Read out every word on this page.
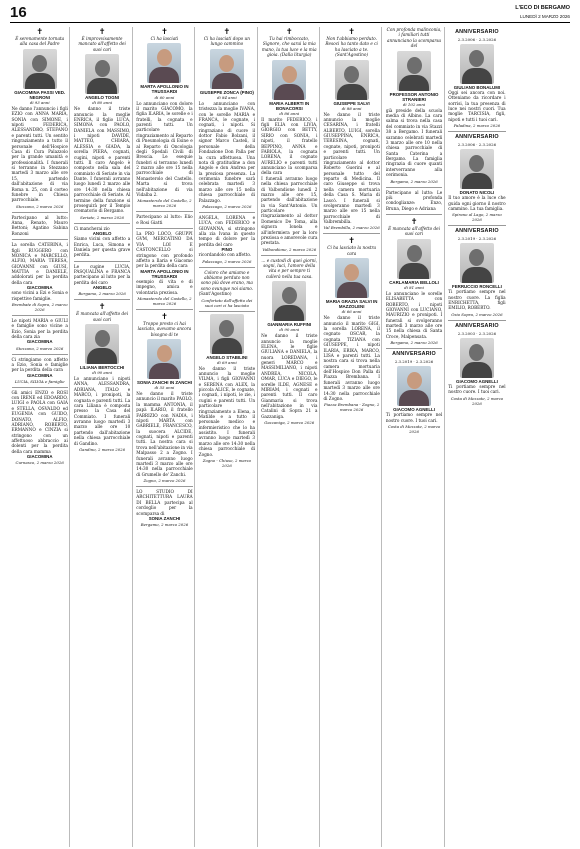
16	L'ECO DI BERGAMO
LUNEDÌ 2 MARZO 2026
✝
È serenamente tornata alla casa del Padre
GIACOMINA PASSI VED. NEGRONI
di 93 anni
Ne danno l'annuncio i figli EZIO con ANNA MARIA, SONIA con SIMONE, i nipoti FEDERICA, ALESSANDRO, STEFANO e parenti tutti. Un sentito ringraziamento a tutto il personale dell'Hospice Casa di Cura Palazzolo per la grande umanità e professionalità. I funerali si terranno in Stezzano martedì 3 marzo alle ore 15, partendo dall'abitazione di via Roma n. 25, con il corteo funebre in Chiesa parrocchiale.
Stezzano, 2 marzo 2026
Partecipano al lutto: Anna, Renato, Mauro Bettoni; Agatino Sabina Ronzoni
La sorella CATERINA, i figli RUGGERO con MONICA e MARCELLO, ALFIO, MARIA TERESA, GIOVANNI con GIUSI, MATTIA e DANIELE, addolorati per la perdita della cara
GIACOMINA
sono vicini a Ezi e Sonia e rispettive famiglie.
Brembate di Sopra, 2 marzo 2026
Le nipoti MARIA e GIULI e famiglie sono vicine a Ezio, Sonia per la perdita della cara zia
GIACOMINA
Stezzano, 2 marzo 2026
Ci stringiamo con affetto a Ezio, Sonia e famiglie per la perdita della cara
GIACOMINA
LUCIA, SILVIA e famiglie
Gli amici ENZO e ROSI con IRENE ed EDOARDO, LUIGI e PAOLA con GAIA e STELLA, OSVALDO ed EUGENIA con GUIDO, DONATO, ALFIO, ADRIANO, ROBERTO, ERMANNO e CINZIA si stringono con un affettuoso abbraccio ai dolenti per la perdita della cara mamma
GIACOMINA
Curnasco, 2 marzo 2026
✝
È improvvisamente mancato all'affetto dei suoi cari
ANGELO TOGNI
di 80 anni
Ne danno il triste annuncio la moglie ENRICA, il figlio LUCA, SIMONA con PAOLO, DANIELA con MASSIMO, i nipoti DAVIDE, MATTEO, CHIARA, ALESSIA e GIADA, la sorella PIERA, cognati, cugini, nipoti e parenti tutti. Il caro Angelo è composto nella sala del commiato di Seriate in via Dante. I funerali avranno luogo lunedì 2 marzo alle ore 14:30 nella chiesa parrocchiale di Seriate. Al termine della funzione si proseguirà per il Tempio crematorio di Bergamo.
Seriate, 2 marzo 2026
Ci mancherai zio
ANGELO
Siamo vicini con affetto a Enrica, Luca, Simona e Daniela per questa grave perdita.
Le cugine LUCIA, PASQUALINA e FRANCA partecipano al lutto per la perdita del caro
ANGELO
Bergamo, 2 marzo 2026
✝
È mancata all'affetto dei suoi cari
LILIANA BERTOCCHI
di 90 anni
Lo annunciano i nipoti ANNA, ALESSANDRA, ADRIANA, ITALO e MARCO, i pronipoti, la cognata e parenti tutti. La cara Liliana è composta presso la Casa del Commiato. I funerali avranno luogo martedì 3 marzo alle ore 10 partendo dall'abitazione nella chiesa parrocchiale di Gandino.
Gandino, 2 marzo 2026
✝
Ci ha lasciati
MARTA APOLLONIO IN TRUSSARDI
di 60 anni
Lo annunciano con dolore il marito GIACOMO, la figlia ILARIA, le sorelle e i fratelli, la cognata e parenti tutti. Un particolare ringraziamento al Reparto di Pneumologia di Esine e al Reparto di Oncologia degli Spedali Civili di Brescia. Le esequie funebri si terranno lunedì 2 marzo alle ore 15 nella parrocchiale di Monasterolo del Castello. Marta si trova nell'abitazione di via Vidalba 2.
Monasterolo del Castello, 2 marzo 2026
Partecipano al lutto: Elio e Rosi Giatti
La PRO LOCO, GRUPPI GVM, MERCATINO DA VIA LOI E CASTONCELLO si stringono con profondo affetto a Ilaria e Giacomo per la perdita della cara
MARTA APOLLONIO IN TRUSSARDI
esempio di vita e di impegno, amica e volontaria preziosa.
Monasterolo del Castello, 2 marzo 2026
✝
Troppo presto ci hai lasciato, avevamo ancora bisogno di te
SONIA ZANCHI IN ZANCHI
di 55 anni
Ne danno il triste annuncio il marito PAOLO, la mamma ANTONIA, il papà ILARIO, il fratello FABRIZIO con NADIA, i nipoti MARTA con GABRIELE, FRANCESCO, la suocera ALCIDE, cognati, nipoti e parenti tutti. La nostra cara si trova nell'abitazione in via Malpasso 2 a Zogno. I funerali avranno luogo martedì 3 marzo alle ore 14:30 nella parrocchiale di Grumello de' Zanchi.
Zogno, 2 marzo 2026
LO STUDIO DI ARCHITETTURA LAURA DI BELLA partecipa al cordoglio per la scomparsa di
SONIA ZANCHI
Bergamo, 2 marzo 2026
✝
Ci ha lasciati dopo un lungo cammino
GIUSEPPE ZONCA (PINO)
di 84 anni
Lo annunciano con tristezza la moglie IVANA, con le sorelle MARIA e FRANCA, le cognate, i cognati, i nipoti. Si ringraziano di cuore il dottor Fabio Bolzani, il signor Marco Casteli, il personale della Fondazione Don Palla per la cura affettuosa. Una nota di gratitudine a don Angelo e don Andrea per la preziosa presenza. La cerimonia funebre sarà celebrata martedì 3 marzo alle ore 15 nella chiesa parrocchiale di Palazzago.
Palazzago, 2 marzo 2026
ANGELA, LORENA e LUCA, con FEDERICO e GIOVANNA, si stringono alla zia Ivana in questo tempo di dolore per la perdita del caro
PINO
ricordandolo con affetto.
Palazzago, 2 marzo 2026
Coloro che amiamo e abbiamo perduto non sono più dove erano, ma sono ovunque noi siamo.
(Sant'Agostino)
Confortato dall'affetto dei suoi cari ci ha lasciato
ANGELO STABILINI
di 69 anni
Ne danno il triste annuncio la moglie VILMA, i figli GIOVANNI e SERENA con ALEX, la piccola ALICE, le cognate, i cognati, i nipoti, le zie, i cugini e parenti tutti. Un particolare ringraziamento a Elena, a Matilde e a tutto il personale medico e infermieristico che lo ha assistito. I funerali avranno luogo martedì 3 marzo alle ore 14:30 nella chiesa parrocchiale di Zogno.
Zogno - Chiuso, 2 marzo 2026
✝
Tu hai rimboccato, Signore, che sarai la mia mano, la tua luce e la mia gioia. (Dalla liturgia)
MARIA ALBERTI IN BONACORSI
di 86 anni
Il marito FEDERICO, i figli ELIA con LIVIA, GIORGIO con BETTY, SIRIO con SONIA, i nipoti, il fratello BEPPINO, ANNA e FABIOLA, la cognata LORENA, il cognato AURELIO e parenti tutti annunciano la scomparsa della cara
I funerali avranno luogo nella chiesa parrocchiale di Valbondione lunedì 2 marzo alle ore 15, partendo dall'abitazione in via Sant'Antonio. Un particolare ringraziamento al dottor Domenico De Toma, alla signora Ionela e all'infermiera per la loro preziosa e amorevole cura prestata.
Valbondione, 2 marzo 2026
... e custodi di quei giorni, sogni, luci, l'amore della vita e per sempre ti cullerà nella tua casa.
GIANMARIA RUFFINI
di 90 anni
Ne danno il triste annuncio la moglie ELENA, le figlie GIULIANA e DANIELA, la nuora LOREDANA, i generi MARCO e MASSIMILIANO, i nipoti ANDREA, NICOLA, OMAR, LUCA e DIEGO, le sorelle ILDE, AGNESE e MIRIAM, i cognati e parenti tutti. Il caro Gianmaria si trova nell'abitazione in via Catalini di Sopra 21 a Gazzaniga.
Gazzaniga, 2 marzo 2026
✝
Non t'abbiamo perduto. Resoci ha tanto dato e ci ha lasciato a te. (Sant'Agostino)
GIUSEPPE SALVI
di 88 anni
Ne danno il triste annuncio la moglie CESARINA, i fratelli ALBERTO, LUIGI, sorella GIUSEPPINA, ENRICA, TERESINA, cognati, cognate, nipoti, pronipoti e parenti tutti. Un particolare ringraziamento al dottor Roberto Guerini e al personale tutto del reparto di Medicina. Il caro Giuseppe si trova nella camera mortuaria della Casa S. Maria di Lascò. I funerali si svolgeranno martedì 3 marzo alle ore 15 nella parrocchiale di Valbrembilla.
Val Brembilla, 2 marzo 2026
✝
Ci ha lasciato la nostra cara
MARIA GRAZIA SALVI IN MAZZOLENI
di 66 anni
Ne danno il triste annuncio il marito GIGI, la sorella LORENA, il cognato OSCAR, la cognata TIZIANA con GIUSEPPE, i nipoti ILARIA, ERIKA, MARCO, LISA e parenti tutti. La nostra cara si trova nella camera mortuaria dell'Hospice Don Palla di Piazza Brembana. I funerali avranno luogo martedì 3 marzo alle ore 14:30 nella parrocchiale di Zogno.
Piazza Brembana - Zogno, 2 marzo 2026
Con profonda malinconia, i familiari tutti annunciano la scomparsa del
PROFESSOR ANTONIO STRANIERI
di 102 anni
già preside della scuola media di Albino. La cara salma si trova nella casa del commiato in via Stazzi 38 a Bergamo. I funerali saranno celebrati martedì 3 marzo alle ore 10 nella chiesa parrocchiale di Santa Caterina a Bergamo. La famiglia ringrazia di cuore quanti interverranno alla cerimonia.
Bergamo, 2 marzo 2026
Partecipano al lutto: Le più profonda condoglianze: Enzo, Bruna, Diego e Adriana
✝
È mancata all'affetto dei suoi cari
CARLAMARIA BELLOLI
di 81 anni
Lo annunciano le sorelle ELISABETTA con ROBERTO, i nipoti GIOVANNI con LUCIANO, MAURIZIO e pronipoti. I funerali si svolgeranno martedì 3 marzo alle ore 15 nella chiesa di Santa Croce, Malpensata.
Bergamo, 2 marzo 2026
ANNIVERSARIO
2.3.2019 · 2.3.2026
GIACOMO AGNELLI
Ti portiamo sempre nel nostro cuore. I tuoi cari.
Costa di Mezzate, 2 marzo 2026
ANNIVERSARIO
2.3.2006 · 2.3.2026
GIULIANO BONALUMI
Oggi sei ancora con noi. Otteniamo da ricordare i sorrisi, la tua presenza di luce nei nostri cuori. Tua moglie TARCISIA, figli, nipoti e tutti i tuoi cari.
Paladina, 2 marzo 2026
ANNIVERSARIO
2.3.2006 · 2.3.2026
DONATO NICOLI
Il tuo amore è la luce che guida ogni giorno il nostro cammino. La tua famiglia.
Spirano al Lago, 2 marzo 2026
ANNIVERSARIO
2.3.2019 · 2.3.2026
FERRUCCIO RONCELLI
Ti portiamo sempre nel nostro cuore. La figlia ENRICHETTA, figli EMILIO, ROBERTO.
Osio Sopra, 2 marzo 2026
ANNIVERSARIO
2.3.2003 · 2.3.2026
GIACOMO AGNELLI
Ti portiamo sempre nel nostro cuore. I tuoi cari.
Costa di Mezzate, 2 marzo 2026
